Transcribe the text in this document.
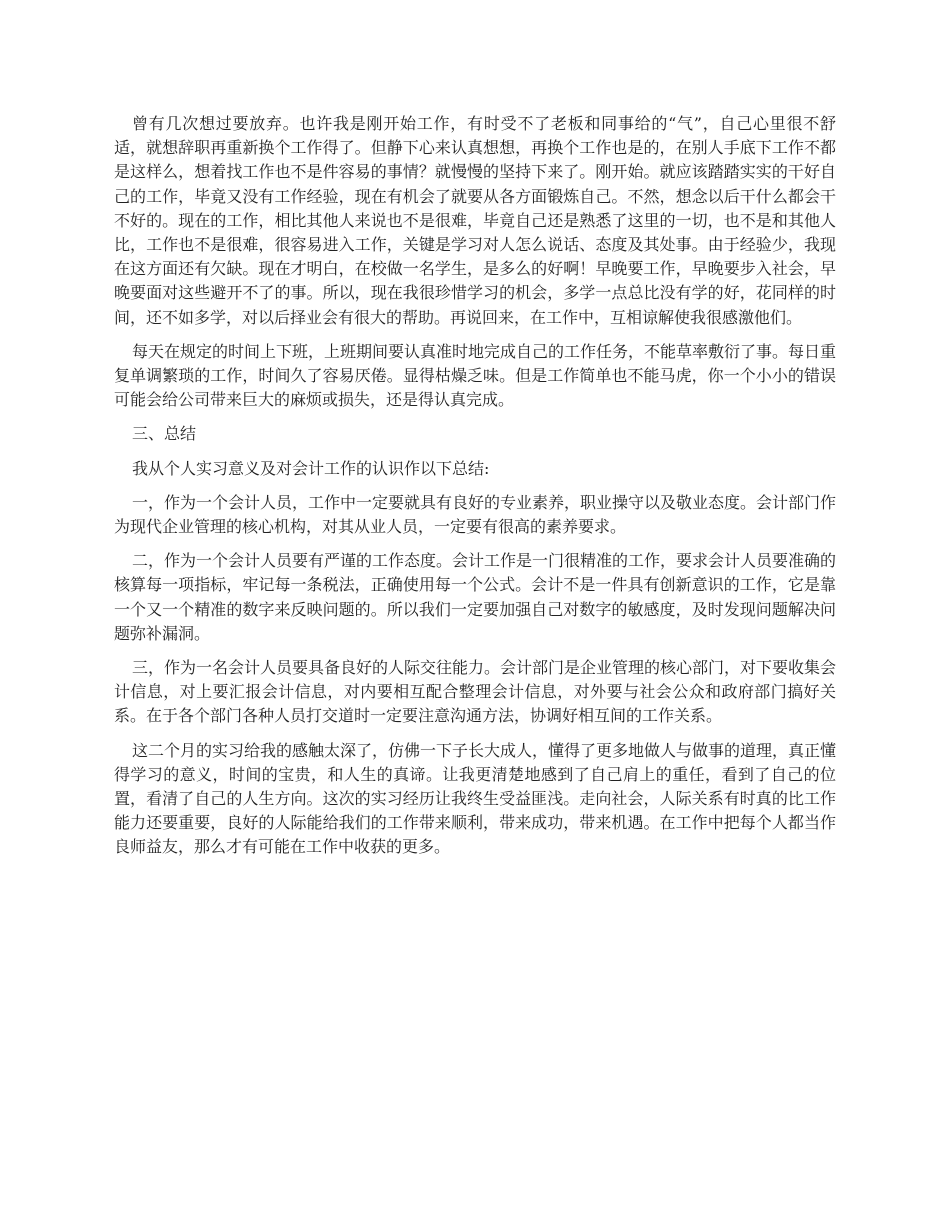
曾有几次想过要放弃。也许我是刚开始工作，有时受不了老板和同事给的“气”，自己心里很不舒适，就想辞职再重新换个工作得了。但静下心来认真想想，再换个工作也是的，在别人手底下工作不都是这样么，想着找工作也不是件容易的事情？就慢慢的坚持下来了。刚开始。就应该踏踏实实的干好自己的工作，毕竟又没有工作经验，现在有机会了就要从各方面锻炼自己。不然，想念以后干什么都会干不好的。现在的工作，相比其他人来说也不是很难，毕竟自己还是熟悉了这里的一切，也不是和其他人比，工作也不是很难，很容易进入工作，关键是学习对人怎么说话、态度及其处事。由于经验少，我现在这方面还有欠缺。现在才明白，在校做一名学生，是多么的好啊！早晚要工作，早晚要步入社会，早晚要面对这些避开不了的事。所以，现在我很珍惜学习的机会，多学一点总比没有学的好，花同样的时间，还不如多学，对以后择业会有很大的帮助。再说回来，在工作中，互相谅解使我很感激他们。

每天在规定的时间上下班，上班期间要认真准时地完成自己的工作任务，不能草率敷衍了事。每日重复单调繁琐的工作，时间久了容易厌倦。显得枯燥乏味。但是工作简单也不能马虎，你一个小小的错误可能会给公司带来巨大的麻烦或损失，还是得认真完成。

三、总结

我从个人实习意义及对会计工作的认识作以下总结:

一，作为一个会计人员，工作中一定要就具有良好的专业素养，职业操守以及敬业态度。会计部门作为现代企业管理的核心机构，对其从业人员，一定要有很高的素养要求。

二，作为一个会计人员要有严谨的工作态度。会计工作是一门很精准的工作，要求会计人员要准确的核算每一项指标，牢记每一条税法，正确使用每一个公式。会计不是一件具有创新意识的工作，它是靠一个又一个精准的数字来反映问题的。所以我们一定要加强自己对数字的敏感度，及时发现问题解决问题弥补漏洞。

三，作为一名会计人员要具备良好的人际交往能力。会计部门是企业管理的核心部门，对下要收集会计信息，对上要汇报会计信息，对内要相互配合整理会计信息，对外要与社会公众和政府部门搞好关系。在于各个部门各种人员打交道时一定要注意沟通方法，协调好相互间的工作关系。

这二个月的实习给我的感触太深了，仿佛一下子长大成人，懂得了更多地做人与做事的道理，真正懂得学习的意义，时间的宝贵，和人生的真谛。让我更清楚地感到了自己肩上的重任，看到了自己的位置，看清了自己的人生方向。这次的实习经历让我终生受益匪浅。走向社会，人际关系有时真的比工作能力还要重要，良好的人际能给我们的工作带来顺利，带来成功，带来机遇。在工作中把每个人都当作良师益友，那么才有可能在工作中收获的更多。
